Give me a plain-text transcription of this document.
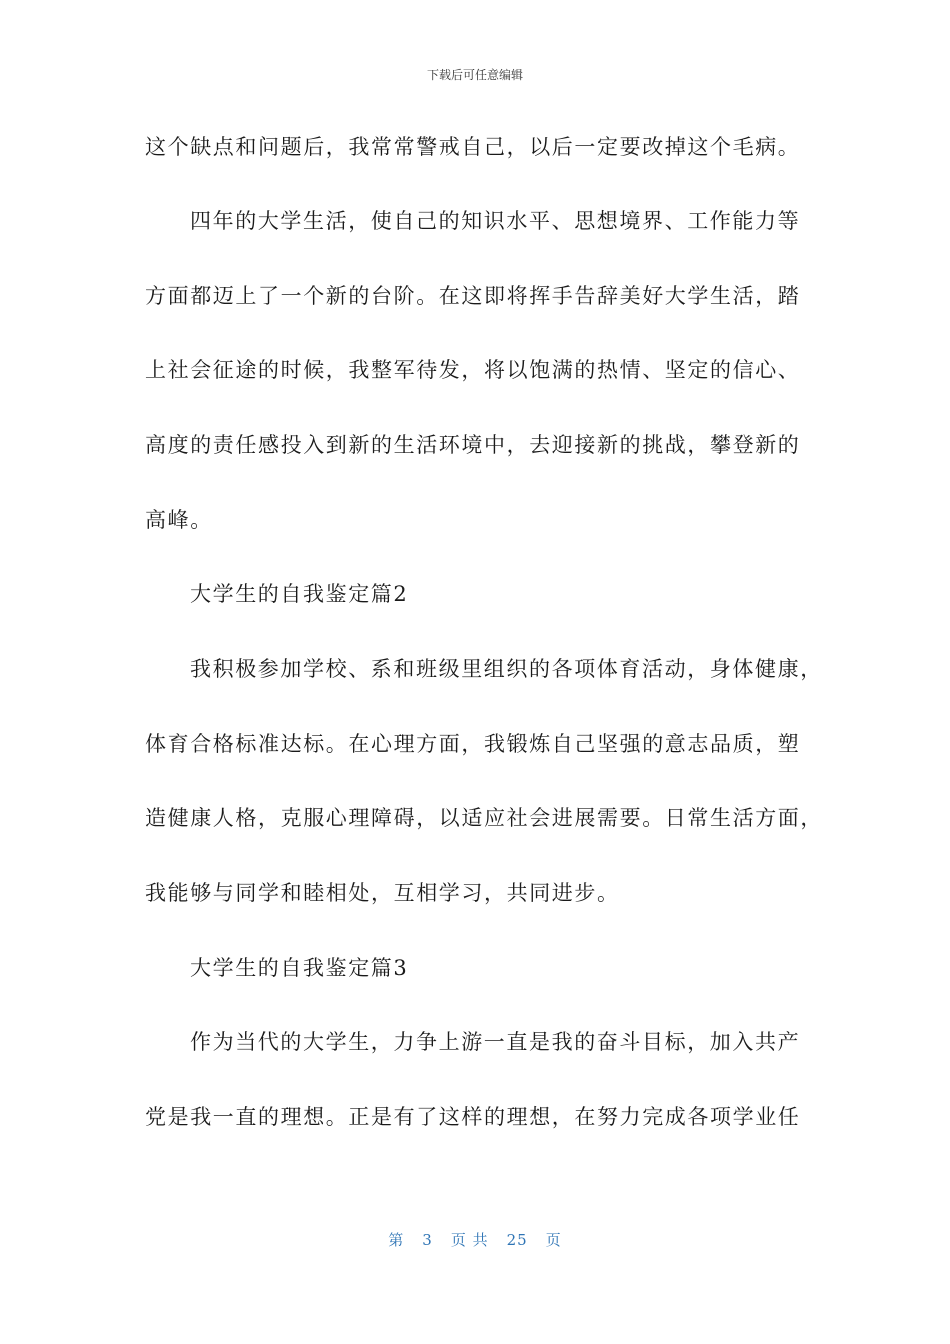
下载后可任意编辑
这个缺点和问题后，我常常警戒自己，以后一定要改掉这个毛病。
四年的大学生活，使自己的知识水平、思想境界、工作能力等
方面都迈上了一个新的台阶。在这即将挥手告辞美好大学生活，踏
上社会征途的时候，我整军待发，将以饱满的热情、坚定的信心、
高度的责任感投入到新的生活环境中，去迎接新的挑战，攀登新的
高峰。
大学生的自我鉴定篇2
我积极参加学校、系和班级里组织的各项体育活动，身体健康，
体育合格标准达标。在心理方面，我锻炼自己坚强的意志品质，塑
造健康人格，克服心理障碍，以适应社会进展需要。日常生活方面，
我能够与同学和睦相处，互相学习，共同进步。
大学生的自我鉴定篇3
作为当代的大学生，力争上游一直是我的奋斗目标，加入共产
党是我一直的理想。正是有了这样的理想，在努力完成各项学业任
第 3 页 共 25 页
